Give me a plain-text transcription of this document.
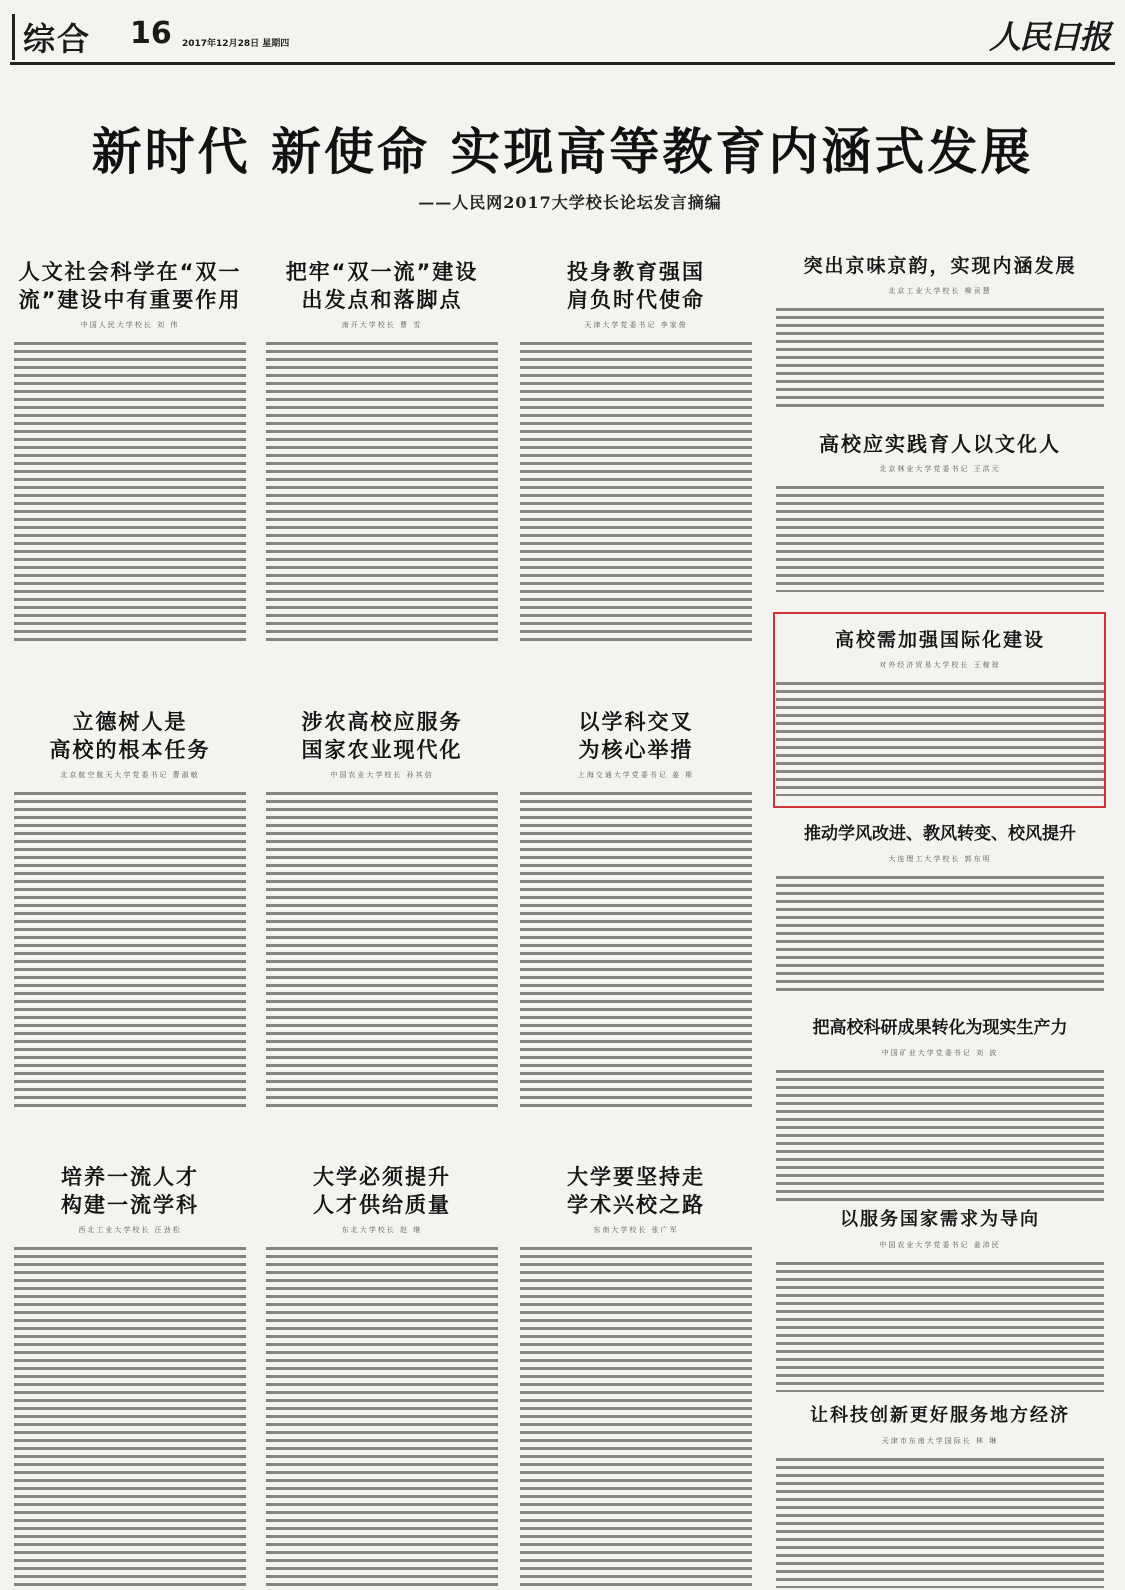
综合 16 2017年12月28日 星期四	人民日报
新时代 新使命 实现高等教育内涵式发展
——人民网2017大学校长论坛发言摘编
人文社会科学在“双一
流”建设中有重要作用
中国人民大学校长 刘 伟
立德树人是
高校的根本任务
北京航空航天大学党委书记 曹淑敏
培养一流人才
构建一流学科
西北工业大学校长 汪劲松
把牢“双一流”建设
出发点和落脚点
南开大学校长 曹 雪
涉农高校应服务
国家农业现代化
中国农业大学校长 孙其信
大学必须提升
人才供给质量
东北大学校长 赵 继
投身教育强国
肩负时代使命
天津大学党委书记 李家俊
以学科交叉
为核心举措
上海交通大学党委书记 姜 斯
大学要坚持走
学术兴校之路
东南大学校长 张广军
突出京味京韵，实现内涵发展
北京工业大学校长 柳贡慧
高校应实践育人以文化人
北京林业大学党委书记 王洪元
高校需加强国际化建设
对外经济贸易大学校长 王稼琼
推动学风改进、教风转变、校风提升
大连理工大学校长 郭东明
把高校科研成果转化为现实生产力
中国矿业大学党委书记 刘 波
以服务国家需求为导向
中国农业大学党委书记 姜沛民
让科技创新更好服务地方经济
天津市东南大学国际长 林 琳
